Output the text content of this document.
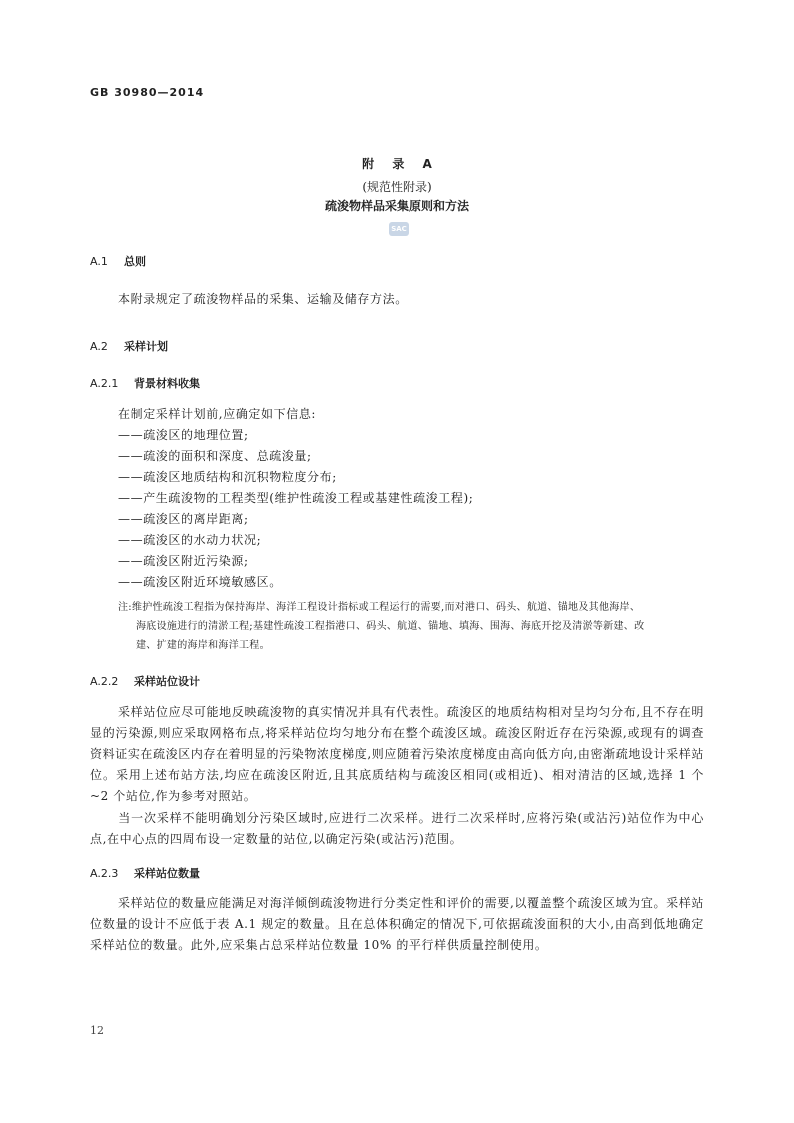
GB 30980—2014
附 录 A
(规范性附录)
疏浚物样品采集原则和方法
SAC
A.1 总则
本附录规定了疏浚物样品的采集、运输及储存方法。
A.2 采样计划
A.2.1 背景材料收集
在制定采样计划前,应确定如下信息:
——疏浚区的地理位置;
——疏浚的面积和深度、总疏浚量;
——疏浚区地质结构和沉积物粒度分布;
——产生疏浚物的工程类型(维护性疏浚工程或基建性疏浚工程);
——疏浚区的离岸距离;
——疏浚区的水动力状况;
——疏浚区附近污染源;
——疏浚区附近环境敏感区。
注:维护性疏浚工程指为保持海岸、海洋工程设计指标或工程运行的需要,而对港口、码头、航道、锚地及其他海岸、
海底设施进行的清淤工程;基建性疏浚工程指港口、码头、航道、锚地、填海、围海、海底开挖及清淤等新建、改
建、扩建的海岸和海洋工程。
A.2.2 采样站位设计
采样站位应尽可能地反映疏浚物的真实情况并具有代表性。疏浚区的地质结构相对呈均匀分布,且不存在明显的污染源,则应采取网格布点,将采样站位均匀地分布在整个疏浚区域。疏浚区附近存在污染源,或现有的调查资料证实在疏浚区内存在着明显的污染物浓度梯度,则应随着污染浓度梯度由高向低方向,由密渐疏地设计采样站位。采用上述布站方法,均应在疏浚区附近,且其底质结构与疏浚区相同(或相近)、相对清洁的区域,选择 1 个~2 个站位,作为参考对照站。
当一次采样不能明确划分污染区域时,应进行二次采样。进行二次采样时,应将污染(或沾污)站位作为中心点,在中心点的四周布设一定数量的站位,以确定污染(或沾污)范围。
A.2.3 采样站位数量
采样站位的数量应能满足对海洋倾倒疏浚物进行分类定性和评价的需要,以覆盖整个疏浚区域为宜。采样站位数量的设计不应低于表 A.1 规定的数量。且在总体积确定的情况下,可依据疏浚面积的大小,由高到低地确定采样站位的数量。此外,应采集占总采样站位数量 10% 的平行样供质量控制使用。
12
